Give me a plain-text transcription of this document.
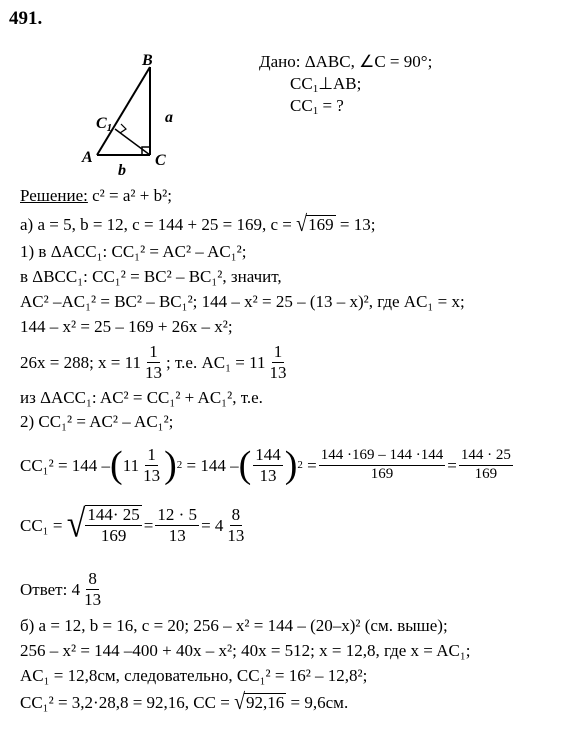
491.
B
A	C
$C_1$
a
b
Дано: ΔABC, ∠C = 90°;
$CC_1\perp AB$;
$CC_1$ = ?
Решение: c² = a² + b²;
а) a = 5, b = 12, c = 144 + 25 = 169, c = √169 = 13;
1) в ΔACC₁: CC₁² = AC² – AC₁²;
в ΔBCC₁: CC₁² = BC² – BC₁², значит,
AC² –AC₁² = BC² – BC₁²; 144 – x² = 25 – (13 – x)², где AC₁ = x;
144 – x² = 25 – 169 + 26x – x²;
26x = 288; $x = 11 \frac{1}{13}$ ; т.е. $AC_1 = 11 \frac{1}{13}$
из ΔACC₁: AC² = CC₁² + AC₁², т.е.
2) CC₁² = AC² – AC₁²;
CC₁² = 144 – ( $11 \frac{1}{13}$ ) 2
= 144 – ( $\frac{144}{13}$ ) 2
= $\frac{144 \cdot 169 - 144 \cdot 144}{169} = \frac{144 \cdot 25}{169}$
CC₁ =
√ $\frac{144\cdot 25}{169} = \frac{12 \cdot 5}{13} = 4 \frac{8}{13}$
Ответ: $4 \frac{8}{13}$
б) a = 12, b = 16, c = 20; 256 – x² = 144 – (20–x)² (см. выше);
256 – x² = 144 –400 + 40x – x²; 40x = 512; x = 12,8, где x = AC₁;
AC₁ = 12,8см, следовательно, CC₁² = 16² – 12,8²;
CC₁² = 3,2·28,8 = 92,16, CC = √92,16 = 9,6см.
